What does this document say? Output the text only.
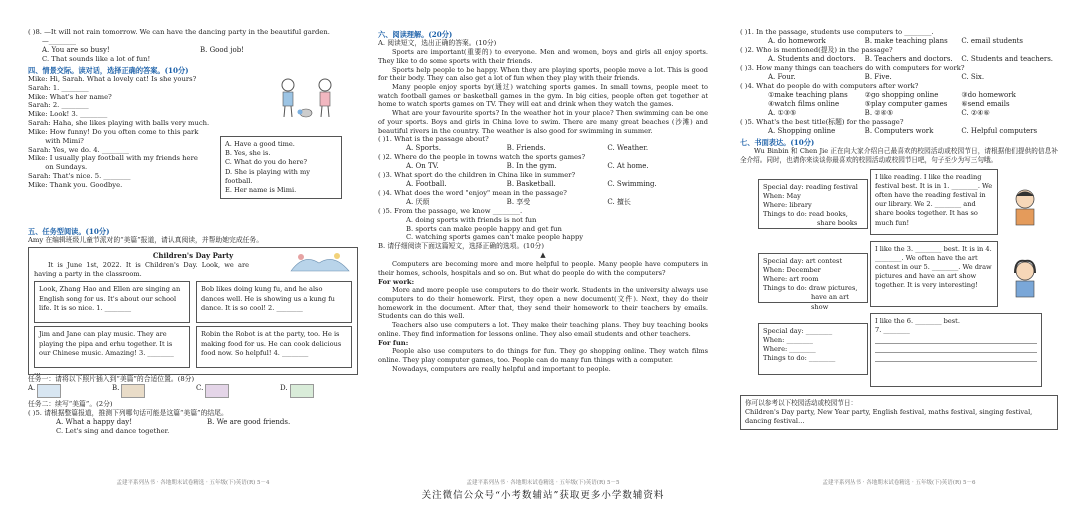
( )8. —It will not rain tomorrow. We can have the dancing party in the beautiful garden.
—________
A. You are so busy!	B. Good job!
C. That sounds like a lot of fun!
四、情景交际。读对话，选择正确的答案。(10分)
Mike: Hi, Sarah. What a lovely cat! Is she yours?
Sarah: 1. ________
Mike: What's her name?
Sarah: 2. ________
Mike: Look! 3. ________
Sarah: Haha, she likes playing with balls very much.
Mike: How funny! Do you often come to this park
with Mimi?
Sarah: Yes, we do. 4. ________
Mike: I usually play football with my friends here
on Sundays.
Sarah: That's nice. 5. ________
Mike: Thank you. Goodbye.
A. Have a good time.
B. Yes, she is.
C. What do you do here?
D. She is playing with my football.
E. Her name is Mimi.
五、任务型阅读。(10分)
Amy 在编辑班级儿童节派对的“美篇”报道，请认真阅读，并帮助她完成任务。
Children's Day Party
It is June 1st, 2022. It is Children's Day. Look, we are having a party in the classroom.
Look, Zhang Hao and Ellen are singing an English song for us. It's about our school life. It is so nice. 1. ________
Bob likes doing kung fu, and he also dances well. He is showing us a kung fu dance. It is so cool! 2. ________
Jim and Jane can play music. They are playing the pipa and erhu together. It is our Chinese music. Amazing! 3. ________
Robin the Robot is at the party, too. He is making food for us. He can cook delicious food now. So helpful! 4. ________
…
任务一：请将以下照片插入到“美篇”的合适位置。(8分)
A.	B.	C.	D.
任务二：续写“美篇”。(2分)
( )5. 请根据整篇报道，推测下列哪句话可能是这篇“美篇”的结尾。
A. What a happy day!	B. We are good friends.
C. Let's sing and dance together.
孟建平系列丛书 · 各地期末试卷精选 · 五年级(下)英语(R) 5－4
六、阅读理解。(20分)
A. 阅读短文，选出正确的答案。(10分)
Sports are important(重要的) to everyone. Men and women, boys and girls all enjoy sports. They like to do some sports with their friends.
Sports help people to be happy. When they are playing sports, people move a lot. This is good for their body. They can also get a lot of fun when they play with their friends.
Many people enjoy sports by(通过) watching sports games. In small towns, people meet to watch football games or basketball games in the gym. In big cities, people often get together at home to watch sports games on TV. They will eat and drink when they watch the games.
What are your favourite sports? In the weather hot in your place? Then swimming can be one of your sports. Boys and girls in China love to swim. There are many great beaches (沙滩) and beautiful rivers in the country. The weather is also good for swimming in summer.
( )1. What is the passage about?
A. Sports.	B. Friends.	C. Weather.
( )2. Where do the people in towns watch the sports games?
A. On TV.	B. In the gym.	C. At home.
( )3. What sport do the children in China like in summer?
A. Football.	B. Basketball.	C. Swimming.
( )4. What does the word "enjoy" mean in the passage?
A. 厌烦	B. 享受	C. 擅长
( )5. From the passage, we know ________.
A. doing sports with friends is not fun
B. sports can make people happy and get fun
C. watching sports games can't make people happy
B. 请仔细阅读下面这篇短文，选择正确的选项。(10分)
▲
Computers are becoming more and more helpful to people. Many people have computers in their homes, schools, hospitals and so on. But what do people do with the computers?
For work:
More and more people use computers to do their work. Students in the university always use computers to do their homework. First, they open a new document(文件). Next, they do their homework in the document. After that, they send their homework to their teachers by emails. Students can do this well.
Teachers also use computers a lot. They make their teaching plans. They buy teaching books online. They find information for lessons online. They also email students and other teachers.
For fun:
People also use computers to do things for fun. They go shopping online. They watch films online. They play computer games, too. People can do many fun things with a computer.
Nowadays, computers are really helpful and important to people.
孟建平系列丛书 · 各地期末试卷精选 · 五年级(下)英语(R) 5－5
关注微信公众号“小考数辅站”获取更多小学数辅资料
( )1. In the passage, students use computers to ________.
A. do homework	B. make teaching plans	C. email students
( )2. Who is mentioned(提及) in the passage?
A. Students and doctors.	B. Teachers and doctors.	C. Students and teachers.
( )3. How many things can teachers do with computers for work?
A. Four.	B. Five.	C. Six.
( )4. What do people do with computers after work?
①make teaching plans	②go shopping online	③do homework
④watch films online	⑤play computer games	⑥send emails
A. ①③⑤	B. ②④⑤	C. ②④⑥
( )5. What's the best title(标题) for the passage?
A. Shopping online	B. Computers work	C. Helpful computers
七、书面表达。(10分)
Wu Binbin 和 Chen Jie 正在向大家介绍自己最喜欢的校园活动或校园节日，请根据他们提供的信息补全介绍。同时，也请你来谈谈你最喜欢的校园活动或校园节日吧，句子至少为写三句哦。
Special day: reading festival
When: May
Where: library
Things to do: read books,
share books
I like reading. I like the reading festival best. It is in 1. ________. We often have the reading festival in our library. We 2. ________ and share books together. It has so much fun!
Special day: art contest
When: December
Where: art room
Things to do: draw pictures,
have an art show
I like the 3. ________ best. It is in 4. ________. We often have the art contest in our 5. ________. We draw pictures and have an art show together. It is very interesting!
Special day: ________
When: ________
Where: ________
Things to do: ________
I like the 6. ________ best.
7. ________
你可以参考以下校园活动或校园节日：
Children's Day party, New Year party, English festival, maths festival, singing festival, dancing festival…
孟建平系列丛书 · 各地期末试卷精选 · 五年级(下)英语(R) 5－6
